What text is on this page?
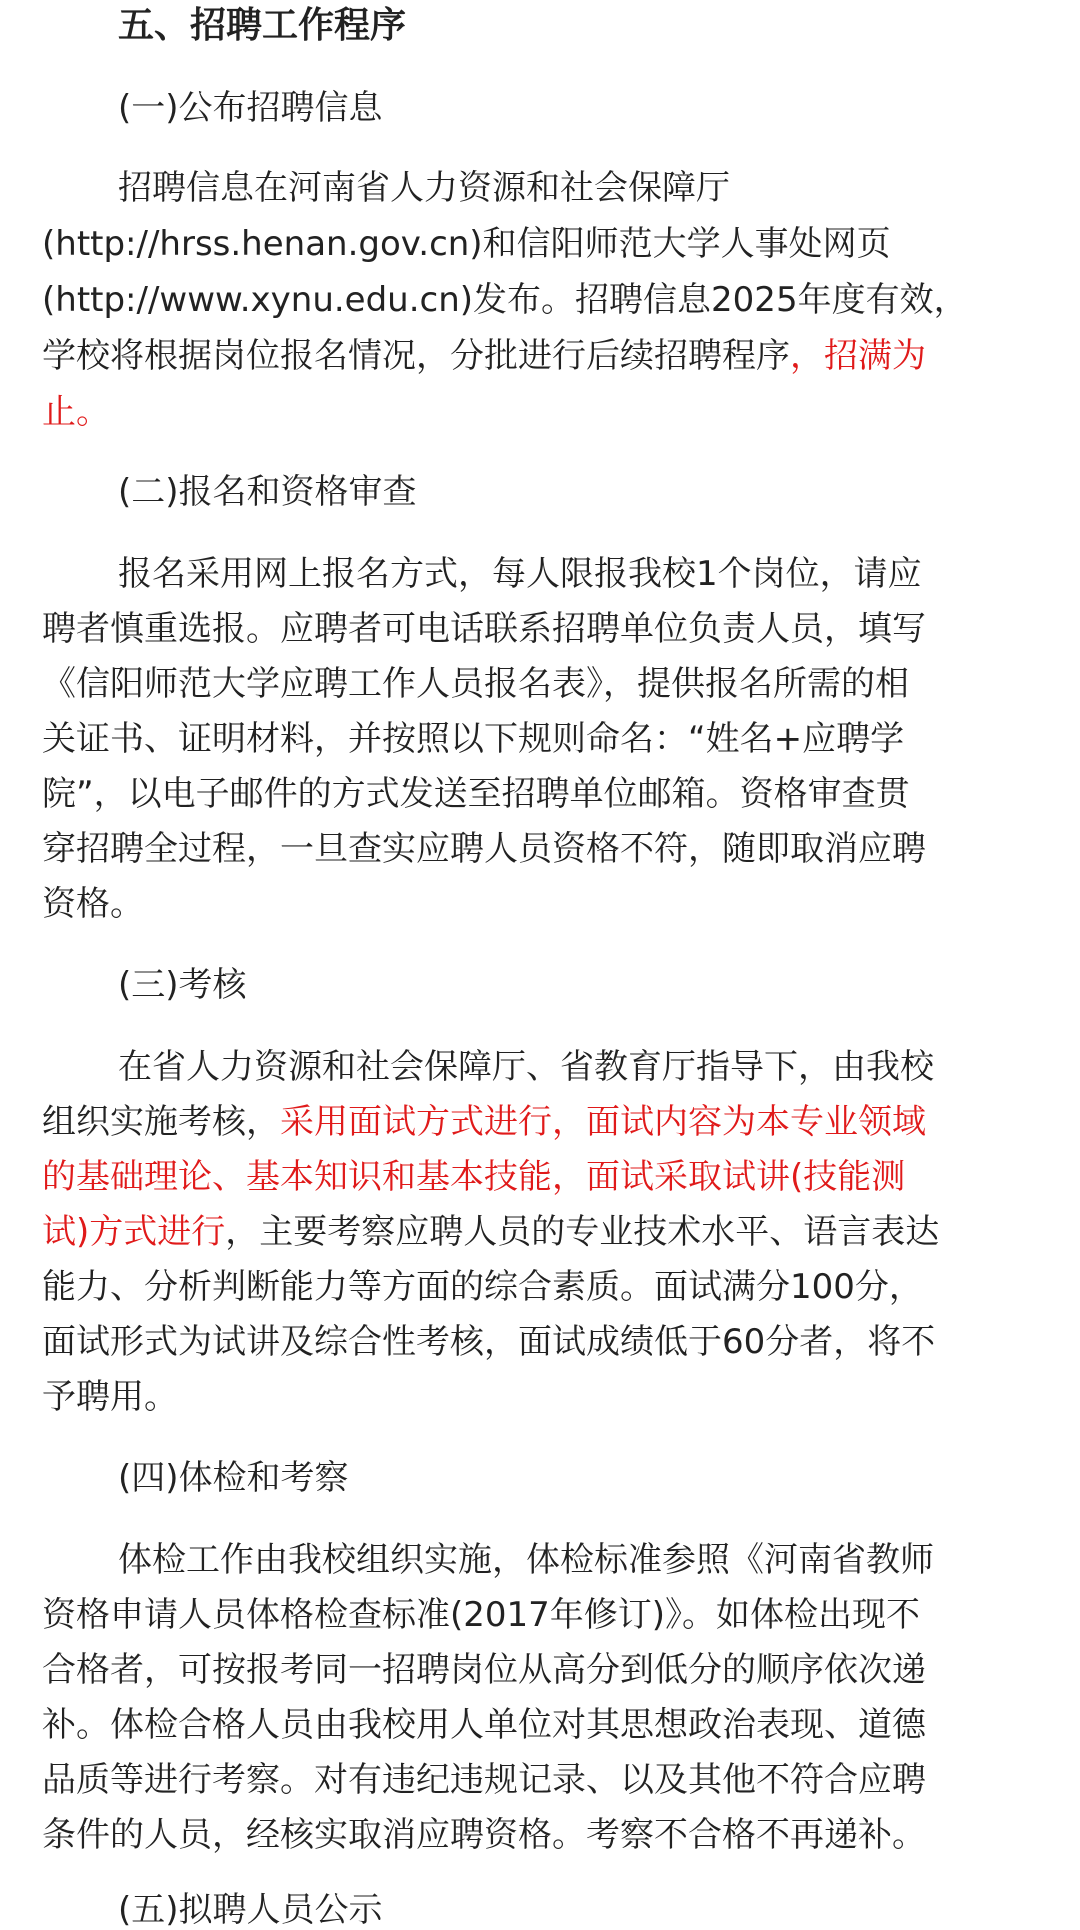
五、招聘工作程序
(一)公布招聘信息
招聘信息在河南省人力资源和社会保障厅
(http://hrss.henan.gov.cn)和信阳师范大学人事处网页
(http://www.xynu.edu.cn)发布。招聘信息2025年度有效，
学校将根据岗位报名情况，分批进行后续招聘程序，招满为
止。
(二)报名和资格审查
报名采用网上报名方式，每人限报我校1个岗位，请应
聘者慎重选报。应聘者可电话联系招聘单位负责人员，填写
《信阳师范大学应聘工作人员报名表》，提供报名所需的相
关证书、证明材料，并按照以下规则命名：“姓名+应聘学
院”，以电子邮件的方式发送至招聘单位邮箱。资格审查贯
穿招聘全过程，一旦查实应聘人员资格不符，随即取消应聘
资格。
(三)考核
在省人力资源和社会保障厅、省教育厅指导下，由我校
组织实施考核，采用面试方式进行，面试内容为本专业领域
的基础理论、基本知识和基本技能，面试采取试讲(技能测
试)方式进行，主要考察应聘人员的专业技术水平、语言表达
能力、分析判断能力等方面的综合素质。面试满分100分，
面试形式为试讲及综合性考核，面试成绩低于60分者，将不
予聘用。
(四)体检和考察
体检工作由我校组织实施，体检标准参照《河南省教师
资格申请人员体格检查标准(2017年修订)》。如体检出现不
合格者，可按报考同一招聘岗位从高分到低分的顺序依次递
补。体检合格人员由我校用人单位对其思想政治表现、道德
品质等进行考察。对有违纪违规记录、以及其他不符合应聘
条件的人员，经核实取消应聘资格。考察不合格不再递补。
(五)拟聘人员公示
